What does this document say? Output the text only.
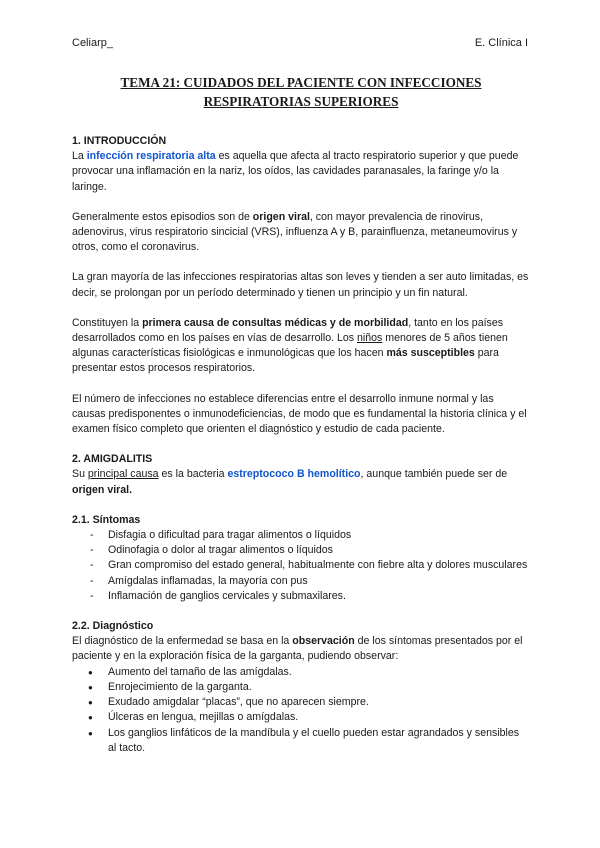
Celiarp_	E. Clínica I
TEMA 21: CUIDADOS DEL PACIENTE CON INFECCIONES
RESPIRATORIAS SUPERIORES

1. INTRODUCCIÓN

La infección respiratoria alta es aquella que afecta al tracto respiratorio superior y que puede provocar una inflamación en la nariz, los oídos, las cavidades paranasales, la faringe y/o la laringe.

Generalmente estos episodios son de origen viral, con mayor prevalencia de rinovirus, adenovirus, virus respiratorio sincicial (VRS), influenza A y B, parainfluenza, metaneumovirus y otros, como el coronavirus.

La gran mayoría de las infecciones respiratorias altas son leves y tienden a ser auto limitadas, es decir, se prolongan por un período determinado y tienen un principio y un fin natural.

Constituyen la primera causa de consultas médicas y de morbilidad, tanto en los países desarrollados como en los países en vías de desarrollo. Los niños menores de 5 años tienen algunas características fisiológicas e inmunológicas que los hacen más susceptibles para presentar estos procesos respiratorios.

El número de infecciones no establece diferencias entre el desarrollo inmune normal y las causas predisponentes o inmunodeficiencias, de modo que es fundamental la historia clínica y el examen físico completo que orienten el diagnóstico y estudio de cada paciente.

2. AMIGDALITIS

Su principal causa es la bacteria estreptococo B hemolítico, aunque también puede ser de origen viral.

2.1. Síntomas

- Disfagia o dificultad para tragar alimentos o líquidos
- Odinofagia o dolor al tragar alimentos o líquidos
- Gran compromiso del estado general, habitualmente con fiebre alta y dolores musculares
- Amígdalas inflamadas, la mayoría con pus
- Inflamación de ganglios cervicales y submaxilares.

2.2. Diagnóstico

El diagnóstico de la enfermedad se basa en la observación de los síntomas presentados por el paciente y en la exploración física de la garganta, pudiendo observar:

● Aumento del tamaño de las amígdalas.
● Enrojecimiento de la garganta.
● Exudado amigdalar “placas”, que no aparecen siempre.
● Úlceras en lengua, mejillas o amígdalas.
● Los ganglios linfáticos de la mandíbula y el cuello pueden estar agrandados y sensibles al tacto.
